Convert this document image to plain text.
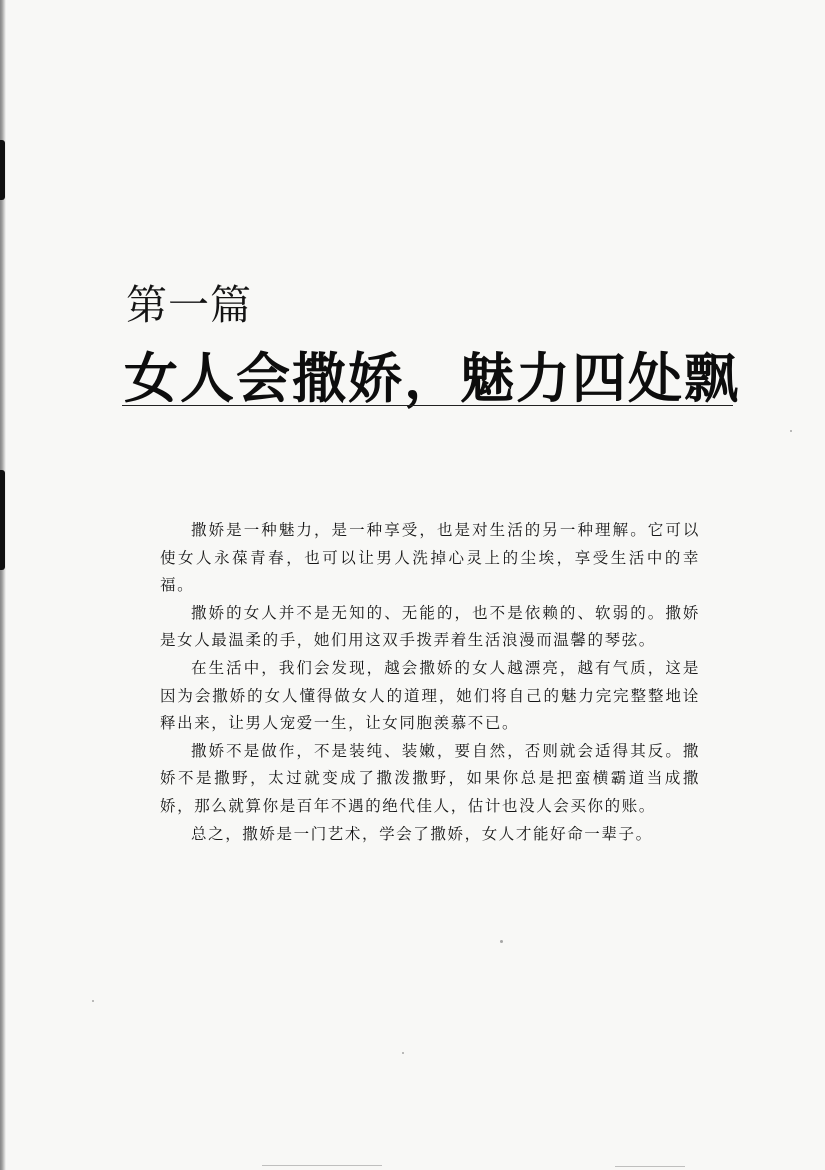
第一篇
女人会撒娇，魅力四处飘

撒娇是一种魅力，是一种享受，也是对生活的另一种理解。它可以使女人永葆青春，也可以让男人洗掉心灵上的尘埃，享受生活中的幸福。

撒娇的女人并不是无知的、无能的，也不是依赖的、软弱的。撒娇是女人最温柔的手，她们用这双手拨弄着生活浪漫而温馨的琴弦。

在生活中，我们会发现，越会撒娇的女人越漂亮，越有气质，这是因为会撒娇的女人懂得做女人的道理，她们将自己的魅力完完整整地诠释出来，让男人宠爱一生，让女同胞羡慕不已。

撒娇不是做作，不是装纯、装嫩，要自然，否则就会适得其反。撒娇不是撒野，太过就变成了撒泼撒野，如果你总是把蛮横霸道当成撒娇，那么就算你是百年不遇的绝代佳人，估计也没人会买你的账。

总之，撒娇是一门艺术，学会了撒娇，女人才能好命一辈子。
